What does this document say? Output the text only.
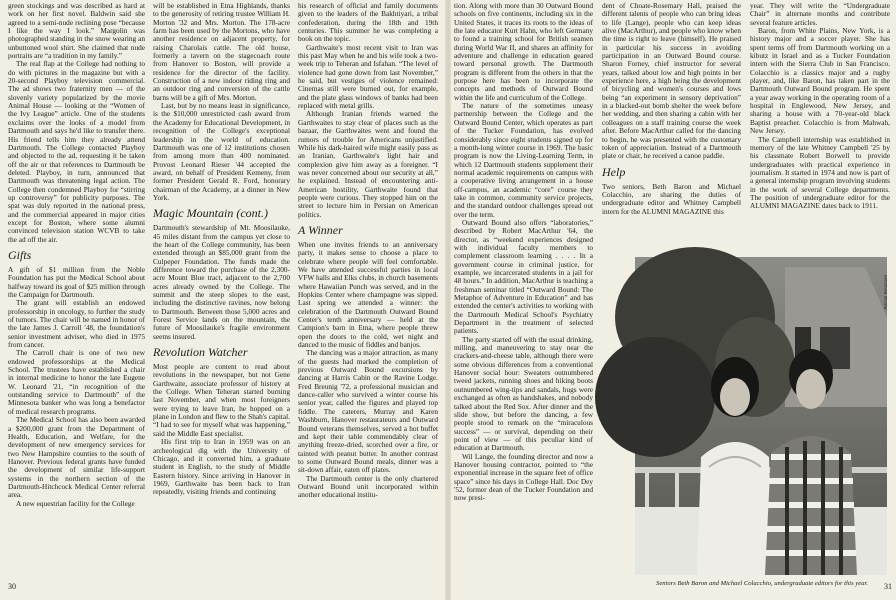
green stockings and was described as hard at work on her first novel. Baldwin said she agreed to a semi-nude reclining pose “because I like the way I look.” Margolin was photographed standing in the snow wearing an unbuttoned wool shirt. She claimed that nude portraits are “a tradition in my family.”

The real flap at the College had nothing to do with pictures in the magazine but with a 20-second Playboy television commercial. The ad shows two fraternity men — of the slovenly variety popularized by the movie Animal House — looking at the “Women of the Ivy League” article. One of the students exclaims over the looks of a model from Dartmouth and says he'd like to transfer there. His friend tells him they already attend Dartmouth. The College contacted Playboy and objected to the ad, requesting it be taken off the air or that references to Dartmouth be deleted. Playboy, in turn, announced that Dartmouth was threatening legal action. The College then condemned Playboy for “stirring up controversy” for publicity purposes. The spat was duly reported in the national press, and the commercial appeared in major cities except for Boston, where some alumni convinced television station WCVB to take the ad off the air.

Gifts

A gift of $1 million from the Noble Foundation has put the Medical School about halfway toward its goal of $25 million through the Campaign for Dartmouth.

The grant will establish an endowed professorship in oncology, to further the study of tumors. The chair will be named in honor of the late James J. Carroll '48, the foundation's senior investment adviser, who died in 1975 from cancer.

The Carroll chair is one of two new endowed professorships at the Medical School. The trustees have established a chair in internal medicine to honor the late Eugene W. Leonard '21, “in recognition of the outstanding service to Dartmouth” of the Minnesota banker who was long a benefactor of medical research programs.

The Medical School has also been awarded a $200,000 grant from the Department of Health, Education, and Welfare, for the development of new emergency services for two New Hampshire counties to the south of Hanover. Previous federal grants have funded the development of similar life-support systems in the northern section of the Dartmouth-Hitchcock Medical Center referral area.

A new equestrian facility for the College

will be established in Etna Highlands, thanks to the generosity of retiring trustee William H. Morton '32 and Mrs. Morton. The 178-acre farm has been used by the Mortons, who have another residence on adjacent property, for raising Charolais cattle. The old house, formerly a tavern on the stagecoach route from Hanover to Boston, will provide a residence for the director of the facility. Construction of a new indoor riding ring and an outdoor ring and conversion of the cattle barns will be a gift of Mrs. Morton.

Last, but by no means least in significance, is the $10,000 unrestricted cash award from the Academy for Educational Development, in recognition of the College's exceptional leadership in the world of education. Dartmouth was one of 12 institutions chosen from among more than 400 nominated. Provost Leonard Rieser '44 accepted the award, on behalf of President Kemeny, from former President Gerald R. Ford, honorary chairman of the Academy, at a dinner in New York.

Magic Mountain (cont.)

Dartmouth's stewardship of Mt. Moosilauke, 45 miles distant from the campus yet close to the heart of the College community, has been extended through an $85,000 grant from the Culpeper Foundation. The funds made the difference toward the purchase of the 2,300-acre Mount Blue tract, adjacent to the 2,700 acres already owned by the College. The summit and the steep slopes to the east, including the distinctive ravines, now belong to Dartmouth. Between those 5,000 acres and Forest Service lands on the mountain, the future of Moosilauke's fragile environment seems insured.

Revolution Watcher

Most people are content to read about revolutions in the newspaper, but not Gene Garthwaite, associate professor of history at the College. When Teheran started burning last November, and when most foreigners were trying to leave Iran, he hopped on a plane in London and flew to the Shah's capital. “I had to see for myself what was happening,” said the Middle East specialist.

His first trip to Iran in 1959 was on an archeological dig with the University of Chicago, and it converted him, a graduate student in English, to the study of Middle Eastern history. Since arriving in Hanover in 1969, Garthwaite has been back to Iran repeatedly, visiting friends and continuing

his research of official and family documents given to the leaders of the Bakhtiyari, a tribal confederation, during the 18th and 19th centuries. This summer he was completing a book on the topic.

Garthwaite's most recent visit to Iran was this past May when he and his wife took a two-week trip to Teheran and Isfahan. “The level of violence had gone down from last November,” he said, but vestiges of violence remained: Cinemas still were burned out, for example, and the plate glass windows of banks had been replaced with metal grills.

Although Iranian friends warned the Garthwaites to stay clear of places such as the bazaar, the Garthwaites went and found the rumors of trouble for Americans unjustified. While his dark-haired wife might easily pass as an Iranian, Garthwaite's light hair and complexion give him away as a foreigner. “I was never concerned about our security at all,” he explained. Instead of encountering anti-American hostility, Garthwaite found that people were curious. They stopped him on the street to lecture him in Persian on American politics.

A Winner

When one invites friends to an anniversary party, it makes sense to choose a place to celebrate where people will feel comfortable. We have attended successful parties in local VFW halls and Elks clubs, in church basements where Hawaiian Punch was served, and in the Hopkins Center where champagne was sipped. Last spring we attended a winner: the celebration of the Dartmouth Outward Bound Center's tenth anniversary — held at the Campion's barn in Etna, where people threw open the doors to the cold, wet night and danced to the music of fiddles and banjos.

The dancing was a major attraction, as many of the guests had marked the completion of previous Outward Bound excursions by dancing at Harris Cabin or the Ravine Lodge. Fred Breunig '72, a professional musician and dance-caller who survived a winter course his senior year, called the figures and played top fiddle. The caterers, Murray and Karen Washburn, Hanover restaurateurs and Outward Bound veterans themselves, served a hot buffet and kept their table commendably clear of anything freeze-dried, scorched over a fire, or tainted with peanut butter. In another contrast to some Outward Bound meals, dinner was a sit-down affair, eaten off plates.

The Dartmouth center is the only chartered Outward Bound unit incorporated within another educational institu-

30

tion. Along with more than 30 Outward Bound schools on five continents, including six in the United States, it traces its roots to the ideas of the late educator Kurt Hahn, who left Germany to found a training school for British seamen during World War II, and shares an affinity for adventure and challenge in education geared toward personal growth. The Dartmouth program is different from the others in that the purpose here has been to incorporate the concepts and methods of Outward Bound within the life and curriculum of the College.

The nature of the sometimes uneasy partnership between the College and the Outward Bound Center, which operates as part of the Tucker Foundation, has evolved considerably since eight students signed up for a month-long winter course in 1969. The basic program is now the Living-Learning Term, in which 12 Dartmouth students supplement their normal academic requirements on campus with a cooperative living arrangement in a house off-campus, an academic “core” course they take in common, community service projects, and the standard outdoor challenges spread out over the term.

Outward Bound also offers “laboratories,” described by Robert MacArthur '64, the director, as “weekend experiences designed with individual faculty members to complement classroom learning . . . . In a government course in criminal justice, for example, we incarcerated students in a jail for 48 hours.” In addition, MacArthur is teaching a freshman seminar titled “Outward Bound: The Metaphor of Adventure in Education” and has extended the center's activities to working with the Dartmouth Medical School's Psychiatry Department in the treatment of selected patients.

The party started off with the usual drinking, milling, and maneuvering to stay near the crackers-and-cheese table, although there were some obvious differences from a conventional Hanover social hour: Sweaters outnumbered tweed jackets, running shoes and hiking boots outnumbered wing-tips and sandals, hugs were exchanged as often as handshakes, and nobody talked about the Red Sox. After dinner and the slide show, but before the dancing, a few people stood to remark on the “miraculous success” — or survival, depending on their point of view — of this peculiar kind of education at Dartmouth.

Wil Lange, the founding director and now a Hanover housing contractor, pointed to “the exponential increase in the square feet of office space” since his days in College Hall. Doc Dey '52, former dean of the Tucker Foundation and now presi-

dent of Choate-Rosemary Hall, praised the different talents of people who can bring ideas to life (Lange), people who can keep ideas alive (MacArthur), and people who know when the time is right to leave (himself). He praised in particular his success in avoiding participation in an Outward Bound course. Sharon Forney, chief instructor for several years, talked about low and high points in her experience here, a high being the development of bicycling and women's courses and lows being “an experiment in sensory deprivation” in a blacked-out bomb shelter the week before her wedding, and then sharing a cabin with her colleagues on a staff training course the week after. Before MacArthur called for the dancing to begin, he was presented with the customary token of appreciation. Instead of a Dartmouth plate or chair, he received a canoe paddle.

Help

Two seniors, Beth Baron and Michael Colacchio, are sharing the duties of undergraduate editor and Whitney Campbell intern for the ALUMNI MAGAZINE this

year. They will write the “Undergraduate Chair” in alternate months and contribute several feature articles.

Baron, from White Plains, New York, is a history major and a soccer player. She has spent terms off from Dartmouth working on a kibutz in Israel and as a Tucker Foundation intern with the Sierra Club in San Francisco. Colacchio is a classics major and a rugby player, and, like Baron, has taken part in the Dartmouth Outward Bound program. He spent a year away working in the operating room of a hospital in Englewood, New Jersey, and sharing a house with a 70-year-old black Baptist preacher. Colacchio is from Mahwah, New Jersey.

The Campbell internship was established in memory of the late Whitney Campbell '25 by his classmate Robert Borwell to provide undergraduates with practical experience in journalism. It started in 1974 and now is part of a general internship program involving students in the work of several College departments. The position of undergraduate editor for the ALUMNI MAGAZINE dates back to 1911.

Adrian Bouchard
Seniors Beth Baron and Michael Colacchio, undergraduate editors for this year.	31
